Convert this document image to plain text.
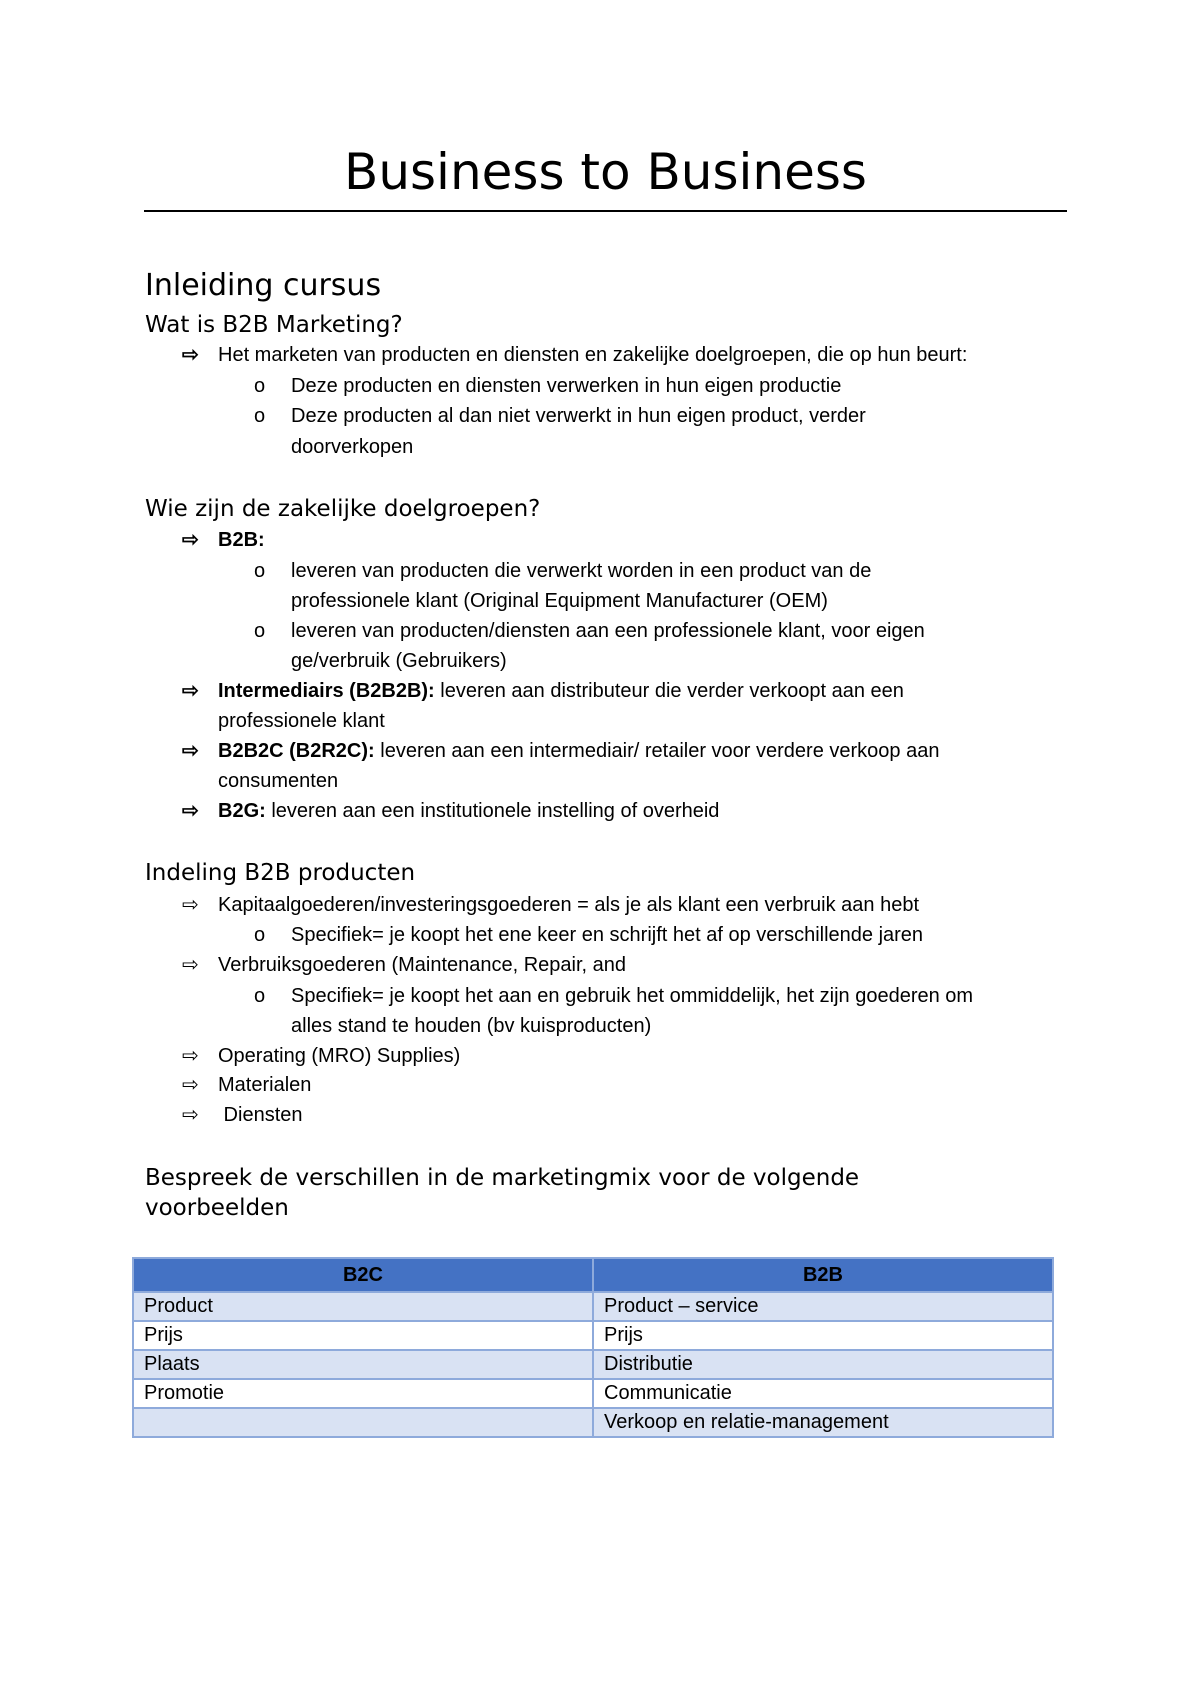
Business to Business
Inleiding cursus
Wat is B2B Marketing?
⇨ Het marketen van producten en diensten en zakelijke doelgroepen, die op hun beurt:
o Deze producten en diensten verwerken in hun eigen productie
o Deze producten al dan niet verwerkt in hun eigen product, verder
doorverkopen
Wie zijn de zakelijke doelgroepen?
⇨ B2B:
o leveren van producten die verwerkt worden in een product van de
professionele klant (Original Equipment Manufacturer (OEM)
o leveren van producten/diensten aan een professionele klant, voor eigen
ge/verbruik (Gebruikers)
⇨ Intermediairs (B2B2B): leveren aan distributeur die verder verkoopt aan een
professionele klant
⇨ B2B2C (B2R2C): leveren aan een intermediair/ retailer voor verdere verkoop aan
consumenten
⇨ B2G: leveren aan een institutionele instelling of overheid
Indeling B2B producten
⇨ Kapitaalgoederen/investeringsgoederen = als je als klant een verbruik aan hebt
o Specifiek= je koopt het ene keer en schrijft het af op verschillende jaren
⇨ Verbruiksgoederen (Maintenance, Repair, and
o Specifiek= je koopt het aan en gebruik het ommiddelijk, het zijn goederen om
alles stand te houden (bv kuisproducten)
⇨ Operating (MRO) Supplies)
⇨ Materialen
⇨ Diensten
Bespreek de verschillen in de marketingmix voor de volgende
voorbeelden
B2C	B2B
Product	Product – service
Prijs	Prijs
Plaats	Distributie
Promotie	Communicatie
	Verkoop en relatie-management
